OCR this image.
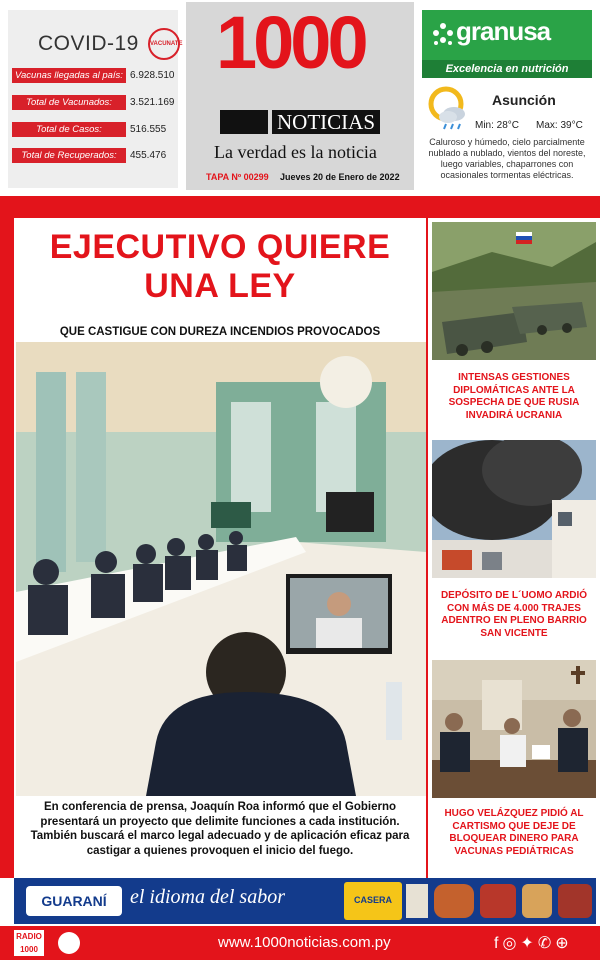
COVID-19	VACUNATE
Vacunas llegadas al país: 6.928.510
Total de Vacunados:	3.521.169
Total de Casos:	516.555
Total de Recuperados:	455.476
1000
NOTICIAS
La verdad es la noticia
TAPA Nº 00299 Jueves 20 de Enero de 2022
granusa
Excelencia en nutrición
Asunción
Min: 28°C Max: 39°C
Caluroso y húmedo, cielo parcialmente nublado a nublado, vientos del noreste, luego variables, chaparrones con ocasionales tormentas eléctricas.
EJECUTIVO QUIERE
UNA LEY
QUE CASTIGUE CON DUREZA INCENDIOS PROVOCADOS
En conferencia de prensa, Joaquín Roa informó que el Gobierno presentará un proyecto que delimite funciones a cada institución. También buscará el marco legal adecuado y de aplicación eficaz para castigar a quienes provoquen el inicio del fuego.
INTENSAS GESTIONES DIPLOMÁTICAS ANTE LA SOSPECHA DE QUE RUSIA INVADIRÁ UCRANIA
DEPÓSITO DE L´UOMO ARDIÓ CON MÁS DE 4.000 TRAJES ADENTRO EN PLENO BARRIO SAN VICENTE
HUGO VELÁZQUEZ PIDIÓ AL CARTISMO QUE DEJE DE BLOQUEAR DINERO PARA VACUNAS PEDIÁTRICAS
GUARANÍ	el idioma del sabor	CASERA
RADIO 1000	www.1000noticias.com.py	f◎✦✆⊕
